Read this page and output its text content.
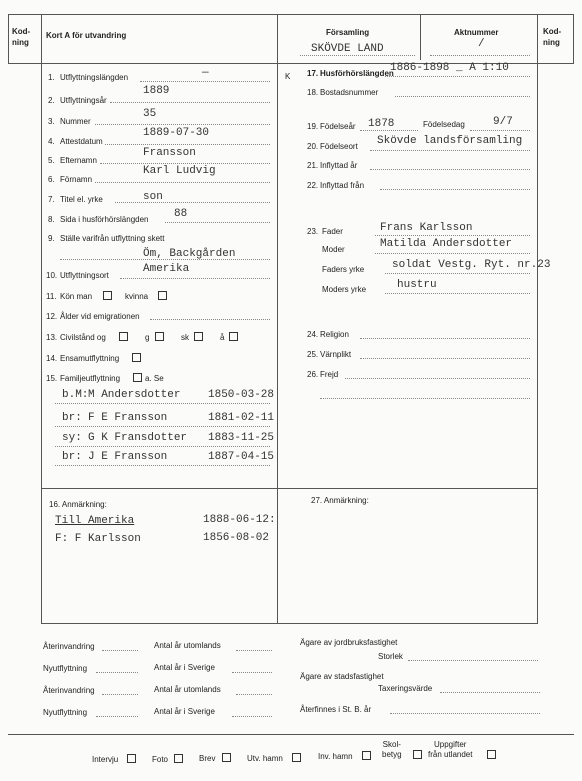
Kod-
ning
Kort A för utvandring	Församling
SKÖVDE LAND
Aktnummer
/
Kod-
ning
1. Utflyttningslängden	—	K
2. Utflyttningsår
1889
3. Nummer
35
4. Attestdatum
1889-07-30
5. Efternamn
Fransson
6. Förnamn
Karl Ludvig
7. Titel el. yrke	son
8. Sida i husförhörslängden 88
9. Ställe varifrån utflyttning skett
Öm, Backgården
10. Utflyttningsort
Amerika
11. Kön man	kvinna
12. Ålder vid emigrationen
13. Civilstånd og	g	sk	å
14. Ensamutflyttning
15. Familjeutflyttning	a. Se
b.M: M Andersdotter	1850-03-28
br: F E Fransson	1881-02-11
sy: G K Fransdotter 1883-11-25
br: J E Fransson	1887-04-15
17. Husförhörslängden
1886-1898 _ A 1:10
18. Bostadsnummer
19. Födelseår 1878	Födelsedag	9/7
20. Födelseort Skövde landsförsamling
21. Inflyttad år
22. Inflyttad från
23. Fader	Frans Karlsson
Moder	Matilda Andersdotter
Faders yrke	soldat Vestg. Ryt. nr.23
Moders yrke	hustru
24. Religion
25. Värnplikt
26. Frejd
16. Anmärkning:	27. Anmärkning:
Till Amerika	1888-06-12:
F: F Karlsson	1856-08-02
Återinvandring	Antal år utomlands
Nyutflyttning	Antal år i Sverige
Återinvandring	Antal år utomlands
Nyutflyttning	Antal år i Sverige
Ägare av jordbruksfastighet
Storlek
Ägare av stadsfastighet
Taxeringsvärde
Återfinnes i St. B. år
Intervju	Foto	Brev	Utv. hamn	Inv. hamn
Skol-
betyg
Uppgifter
från utlandet
